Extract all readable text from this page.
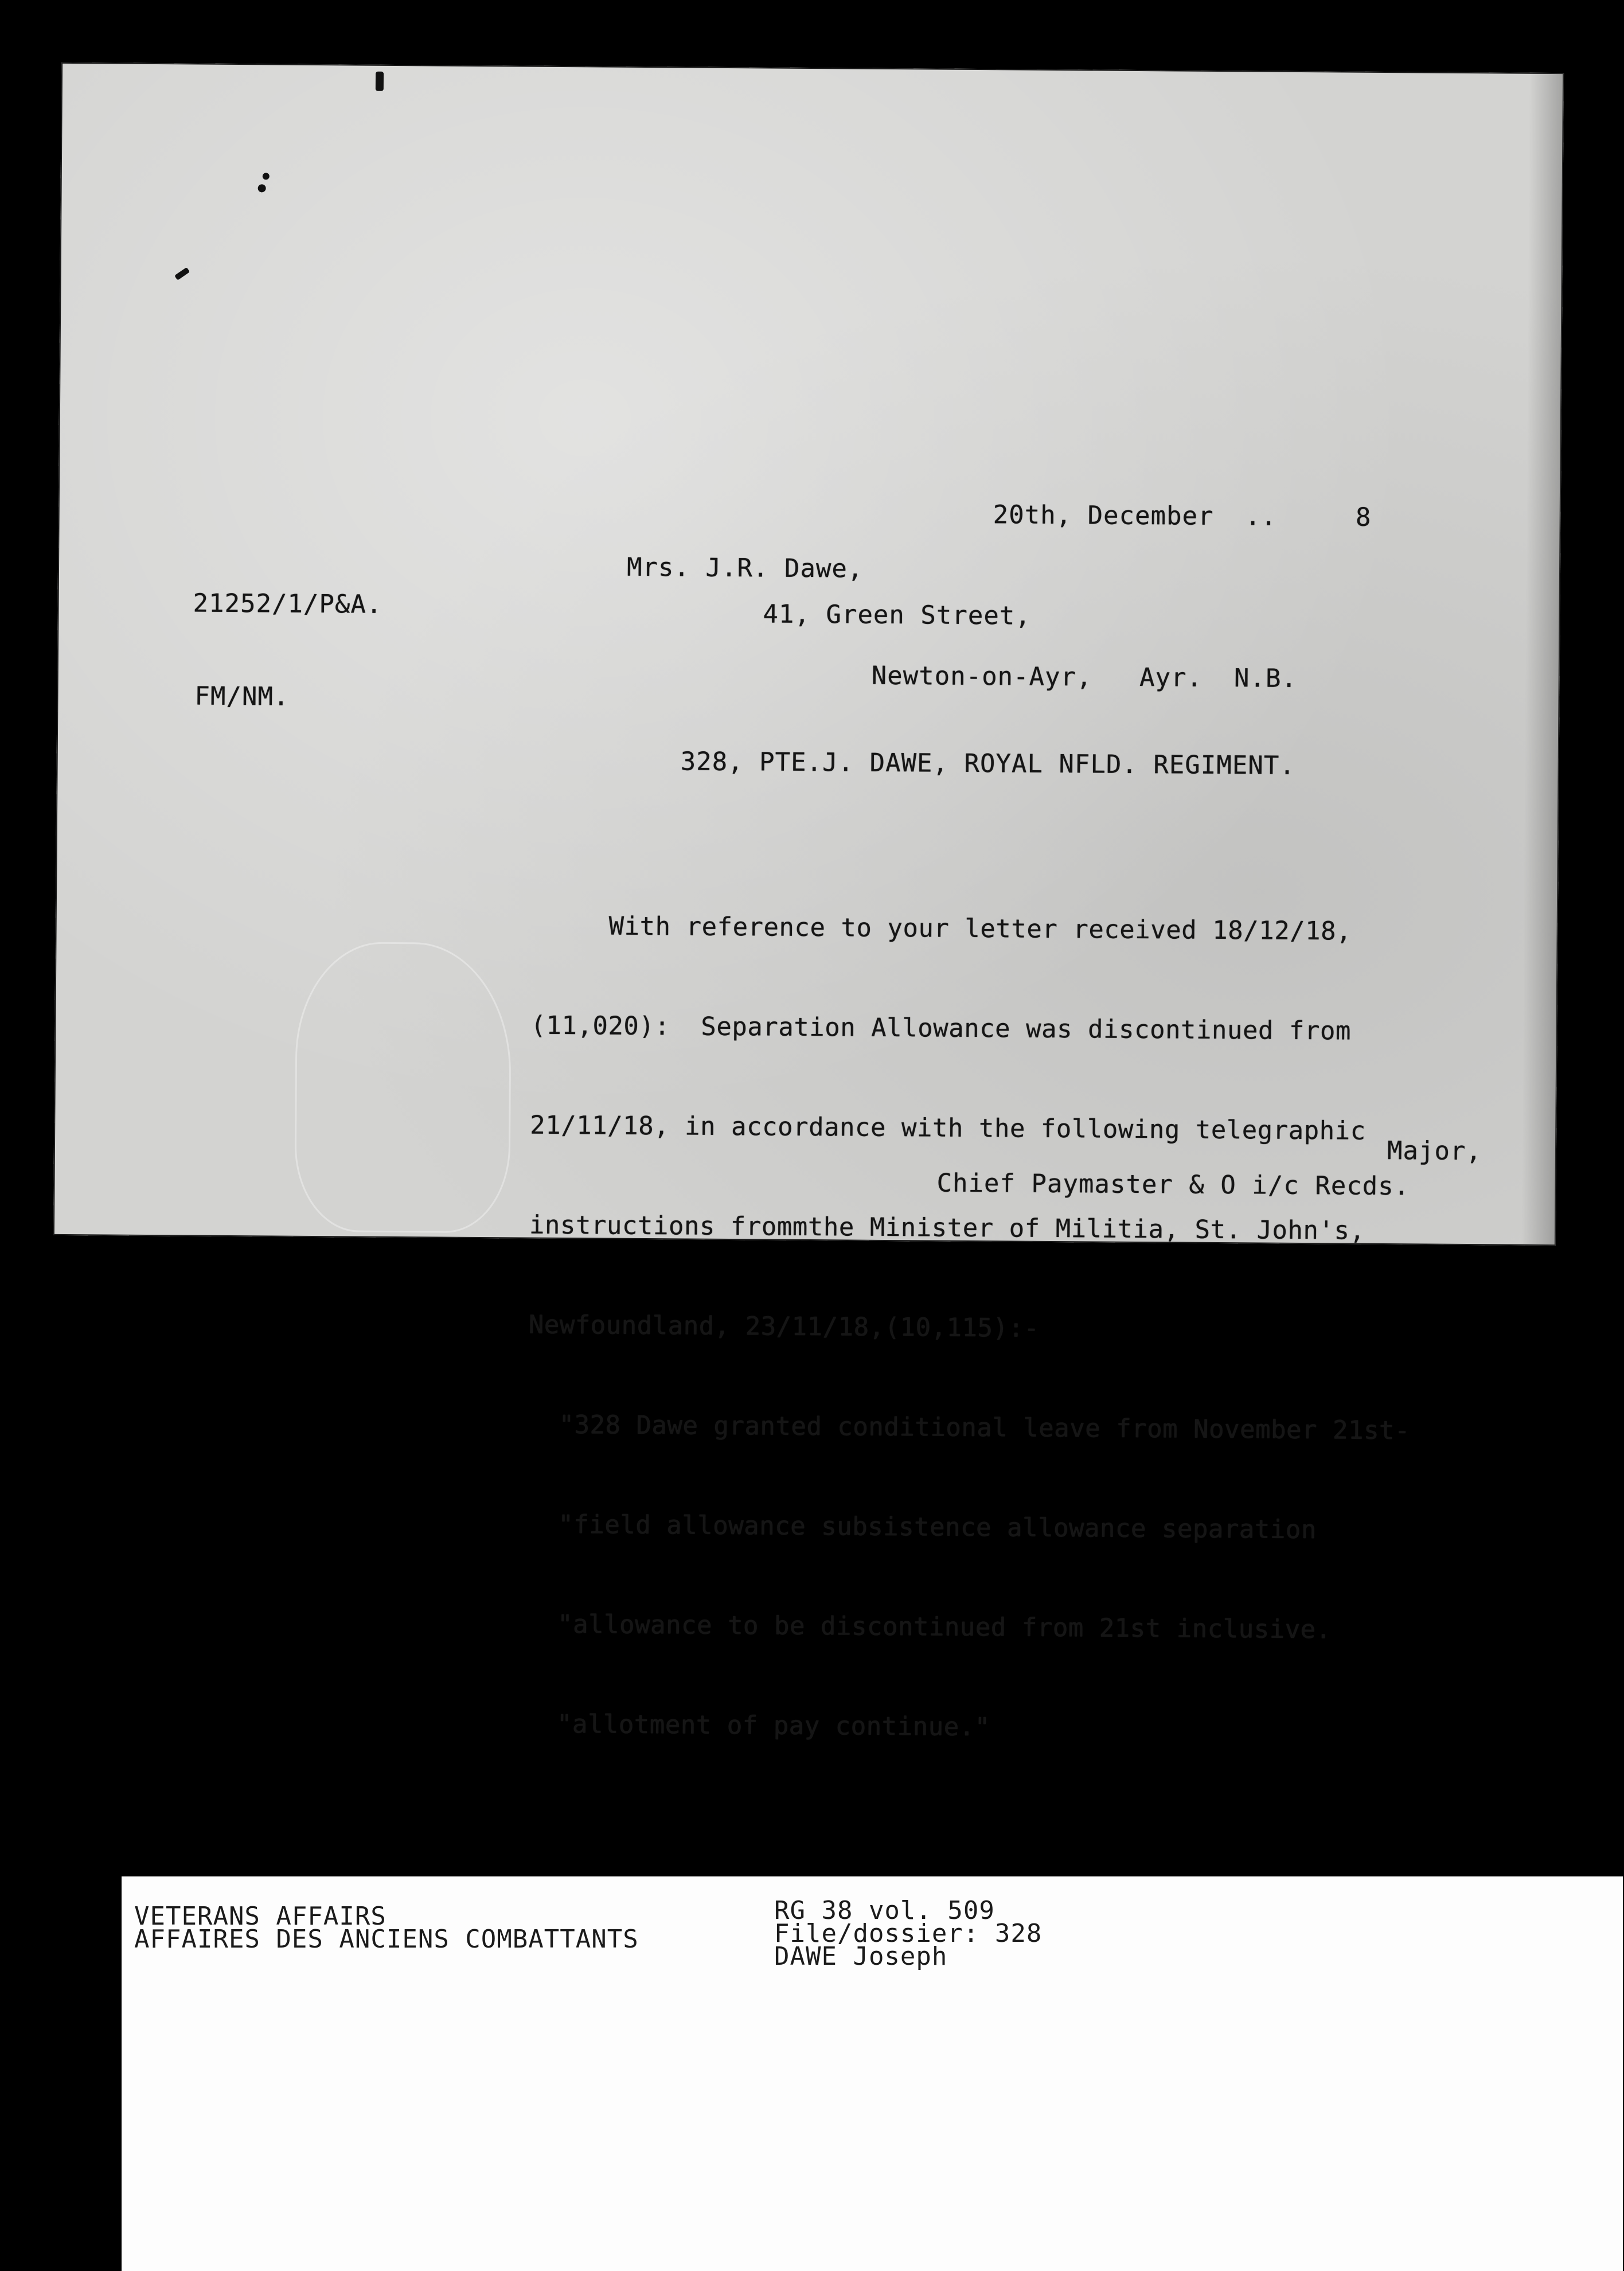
20th, December  ..     8
Mrs. J.R. Dawe,
21252/1/P&A.	41, Green Street,
FM/NM.
Newton-on-Ayr,   Ayr.  N.B.
328, PTE.J. DAWE, ROYAL NFLD. REGIMENT.

With reference to your letter received 18/12/18,

(11,020):  Separation Allowance was discontinued from

21/11/18, in accordance with the following telegraphic

instructions frommthe Minister of Militia, St. John's,

Newfoundland, 23/11/18,(10,115):-

"328 Dawe granted conditional leave from November 21st-

"field allowance subsistence allowance separation

"allowance to be discontinued from 21st inclusive.

"allotment of pay continue."

Major,
Chief Paymaster & O i/c Recds.
VETERANS AFFAIRS
AFFAIRES DES ANCIENS COMBATTANTS
RG 38 vol. 509
File/dossier: 328
DAWE Joseph
